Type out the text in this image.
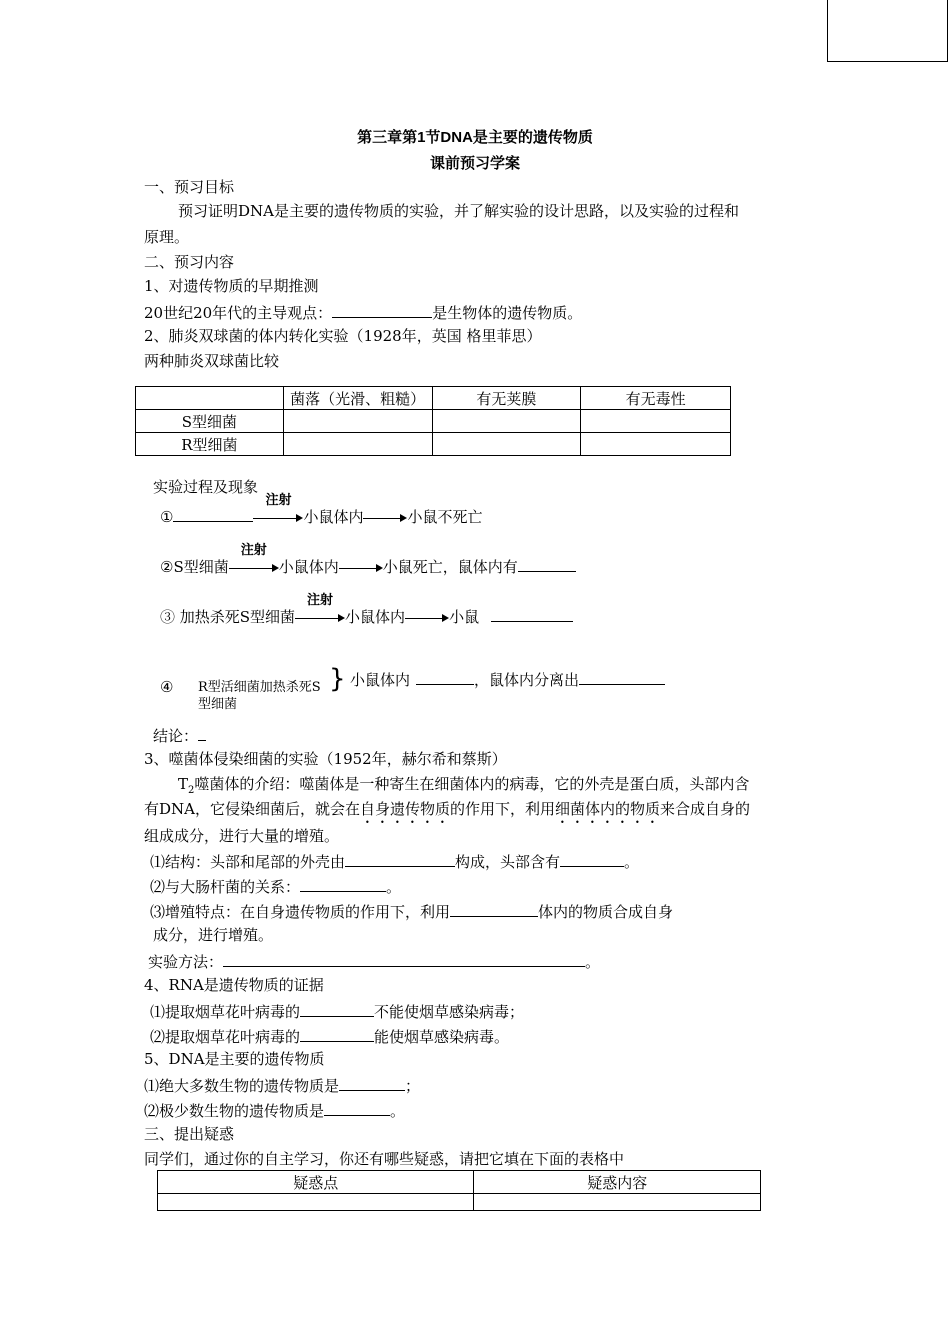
第三章第1节DNA是主要的遗传物质
课前预习学案
一、预习目标
预习证明DNA是主要的遗传物质的实验，并了解实验的设计思路，以及实验的过程和
原理。
二、预习内容
1、对遗传物质的早期推测
20世纪20年代的主导观点：	是生物体的遗传物质。
2、肺炎双球菌的体内转化实验（1928年，英国 格里菲思）
两种肺炎双球菌比较
	菌落（光滑、粗糙）	有无荚膜	有无毒性
S型细菌			
R型细菌			
实验过程及现象
①
注射
小鼠体内	小鼠不死亡
②S型细菌
注射
小鼠体内	小鼠死亡，鼠体内有
③ 加热杀死S型细菌
注射
小鼠体内	小鼠
④ R型活细菌加热杀死S
型细菌
} 小鼠体内	，鼠体内分离出
结论：
3、噬菌体侵染细菌的实验（1952年，赫尔希和蔡斯）
$T_2$噬菌体的介绍：噬菌体是一种寄生在细菌体内的病毒，它的外壳是蛋白质，头部内含
有DNA，它侵染细菌后，就会在自身遗传物质的作用下，利用细菌体内的物质来合成自身的
组成成分，进行大量的增殖。
⑴结构：头部和尾部的外壳由	构成，头部含有	。
⑵与大肠杆菌的关系：	。
⑶增殖特点：在自身遗传物质的作用下，利用	体内的物质合成自身
成分，进行增殖。
实验方法：	。
4、RNA是遗传物质的证据
⑴提取烟草花叶病毒的	不能使烟草感染病毒；
⑵提取烟草花叶病毒的	能使烟草感染病毒。
5、DNA是主要的遗传物质
⑴绝大多数生物的遗传物质是	；
⑵极少数生物的遗传物质是	。
三、提出疑惑
同学们，通过你的自主学习，你还有哪些疑惑，请把它填在下面的表格中
疑惑点	疑惑内容
